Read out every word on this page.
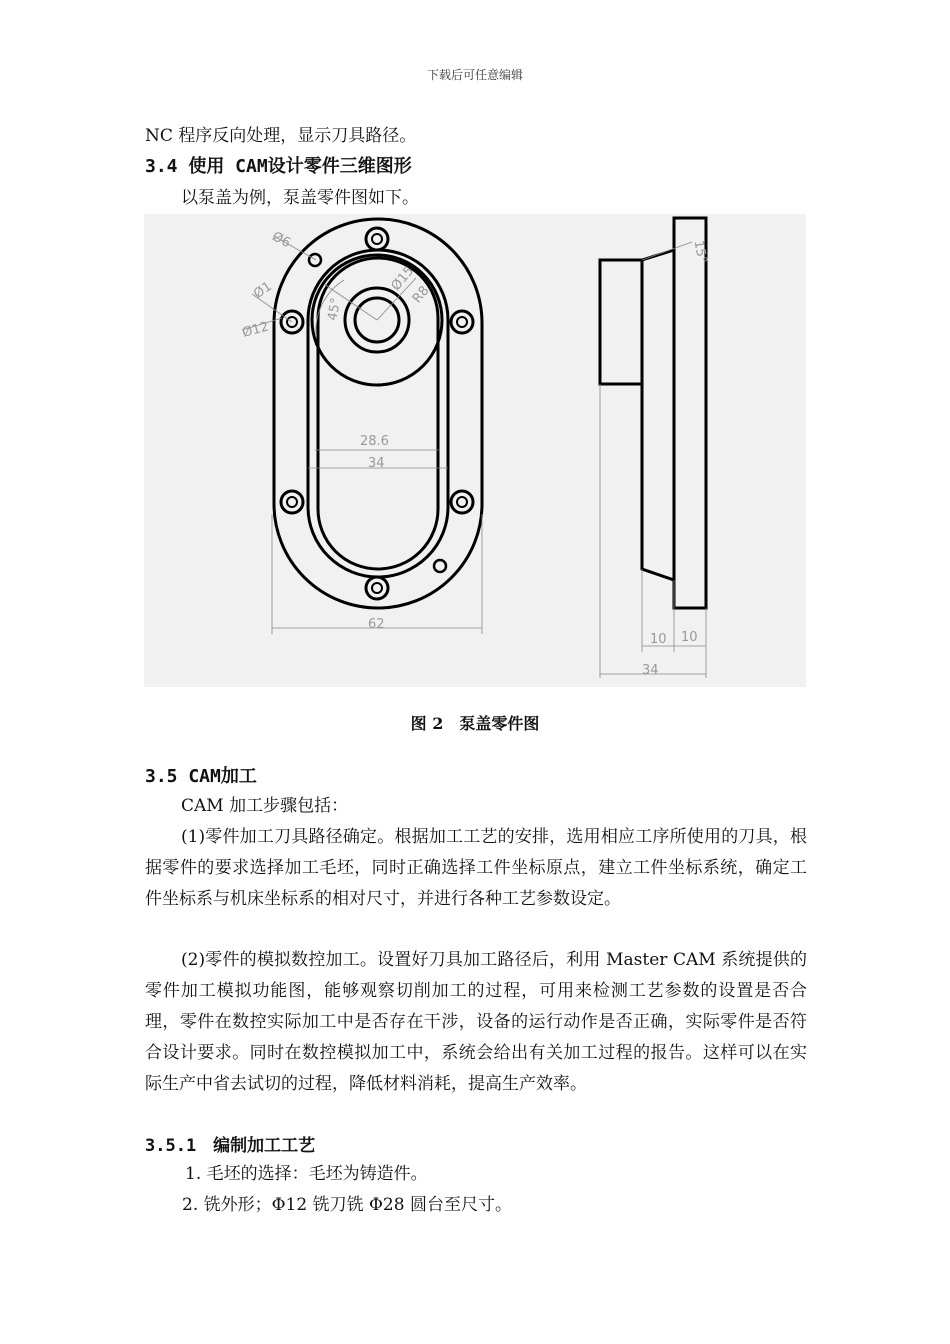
下载后可任意编辑
NC 程序反向处理，显示刀具路径。
3.4 使用 CAM设计零件三维图形
以泵盖为例，泵盖零件图如下。
Ø6
Ø1
Ø12
45°
Ø15
R8
28.6
34
62
15°
10 10
34
图 2　泵盖零件图
3.5 CAM加工
CAM 加工步骤包括：
(1)零件加工刀具路径确定。根据加工工艺的安排，选用相应工序所使用的刀具，根据零件的要求选择加工毛坯，同时正确选择工件坐标原点，建立工件坐标系统，确定工件坐标系与机床坐标系的相对尺寸，并进行各种工艺参数设定。
(2)零件的模拟数控加工。设置好刀具加工路径后，利用 Master CAM 系统提供的零件加工模拟功能图，能够观察切削加工的过程，可用来检测工艺参数的设置是否合理，零件在数控实际加工中是否存在干涉，设备的运行动作是否正确，实际零件是否符合设计要求。同时在数控模拟加工中，系统会给出有关加工过程的报告。这样可以在实际生产中省去试切的过程，降低材料消耗，提高生产效率。
3.5.1　编制加工工艺
1. 毛坯的选择：毛坯为铸造件。
2. 铣外形；Φ12 铣刀铣 Φ28 圆台至尺寸。
